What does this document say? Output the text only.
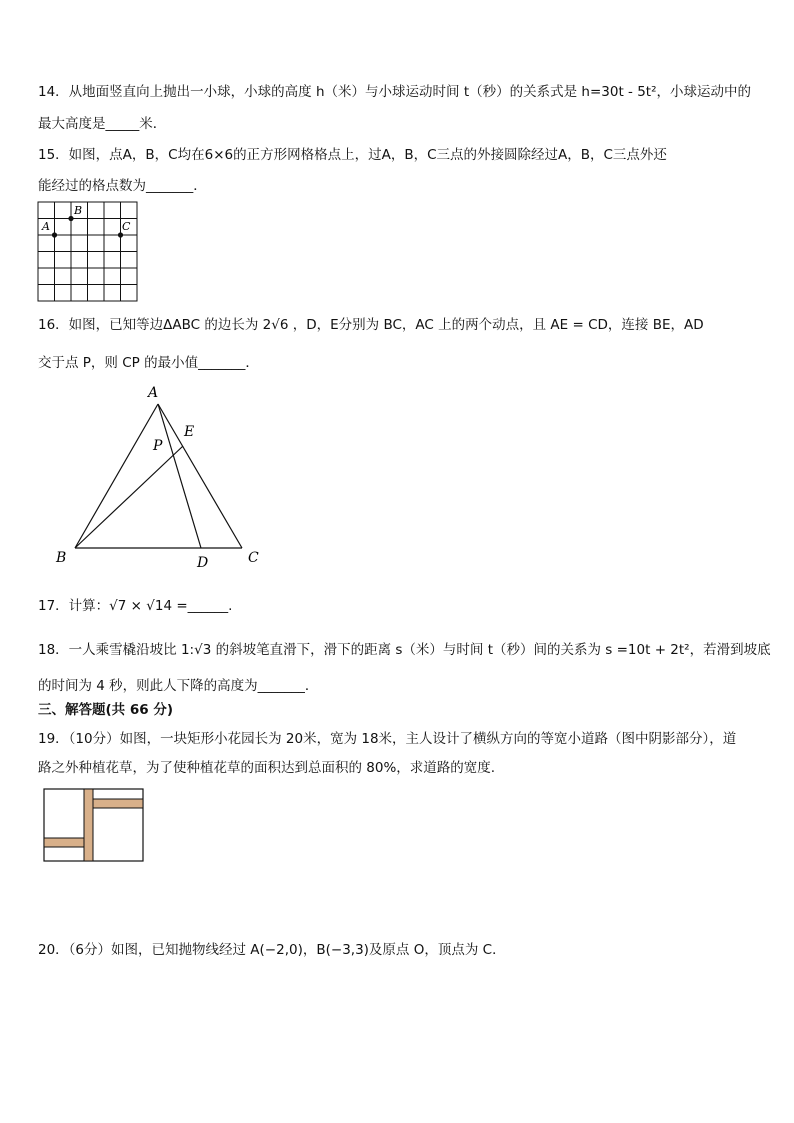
14．从地面竖直向上抛出一小球，小球的高度 h（米）与小球运动时间 t（秒）的关系式是 h=30t - 5t²，小球运动中的
最大高度是_____米．
15．如图，点A，B，C均在6×6的正方形网格格点上，过A，B，C三点的外接圆除经过A，B，C三点外还
能经过的格点数为_______．
A
B
C
16．如图，已知等边ΔABC 的边长为 2√6 ，D，E分别为 BC，AC 上的两个动点，且 AE = CD，连接 BE，AD
交于点 P，则 CP 的最小值_______．
A
B	C
D
E
P
17．计算：√7 × √14 =______.
18．一人乘雪橇沿坡比 1:√3 的斜坡笔直滑下，滑下的距离 s（米）与时间 t（秒）间的关系为 s =10t + 2t²，若滑到坡底
的时间为 4 秒，则此人下降的高度为_______．
三、解答题(共 66 分)
19．（10分）如图，一块矩形小花园长为 20米，宽为 18米，主人设计了横纵方向的等宽小道路（图中阴影部分），道
路之外种植花草，为了使种植花草的面积达到总面积的 80%，求道路的宽度.
20．（6分）如图，已知抛物线经过 A(−2,0)，B(−3,3)及原点 O，顶点为 C．
